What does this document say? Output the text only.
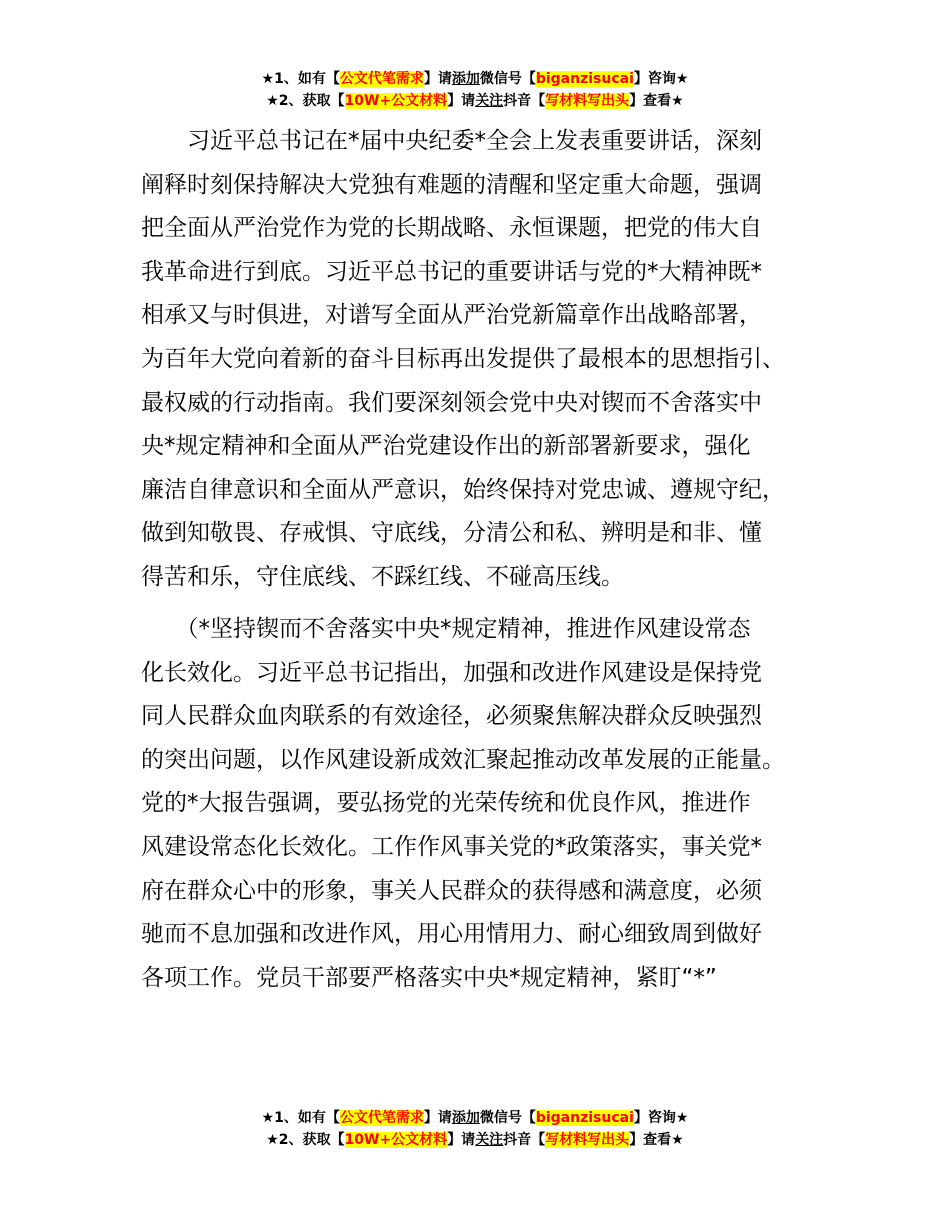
★1、如有【公文代笔需求】请添加微信号【biganzisucai】咨询★
★2、获取【10W+公文材料】请关注抖音【写材料写出头】查看★
　　习近平总书记在*届中央纪委*全会上发表重要讲话，深刻
阐释时刻保持解决大党独有难题的清醒和坚定重大命题，强调
把全面从严治党作为党的长期战略、永恒课题，把党的伟大自
我革命进行到底。习近平总书记的重要讲话与党的*大精神既*
相承又与时俱进，对谱写全面从严治党新篇章作出战略部署，
为百年大党向着新的奋斗目标再出发提供了最根本的思想指引、
最权威的行动指南。我们要深刻领会党中央对锲而不舍落实中
央*规定精神和全面从严治党建设作出的新部署新要求，强化
廉洁自律意识和全面从严意识，始终保持对党忠诚、遵规守纪，
做到知敬畏、存戒惧、守底线，分清公和私、辨明是和非、懂
得苦和乐，守住底线、不踩红线、不碰高压线。
　　（*坚持锲而不舍落实中央*规定精神，推进作风建设常态
化长效化。习近平总书记指出，加强和改进作风建设是保持党
同人民群众血肉联系的有效途径，必须聚焦解决群众反映强烈
的突出问题，以作风建设新成效汇聚起推动改革发展的正能量。
党的*大报告强调，要弘扬党的光荣传统和优良作风，推进作
风建设常态化长效化。工作作风事关党的*政策落实，事关党*
府在群众心中的形象，事关人民群众的获得感和满意度，必须
驰而不息加强和改进作风，用心用情用力、耐心细致周到做好
各项工作。党员干部要严格落实中央*规定精神，紧盯“*”
★1、如有【公文代笔需求】请添加微信号【biganzisucai】咨询★
★2、获取【10W+公文材料】请关注抖音【写材料写出头】查看★
